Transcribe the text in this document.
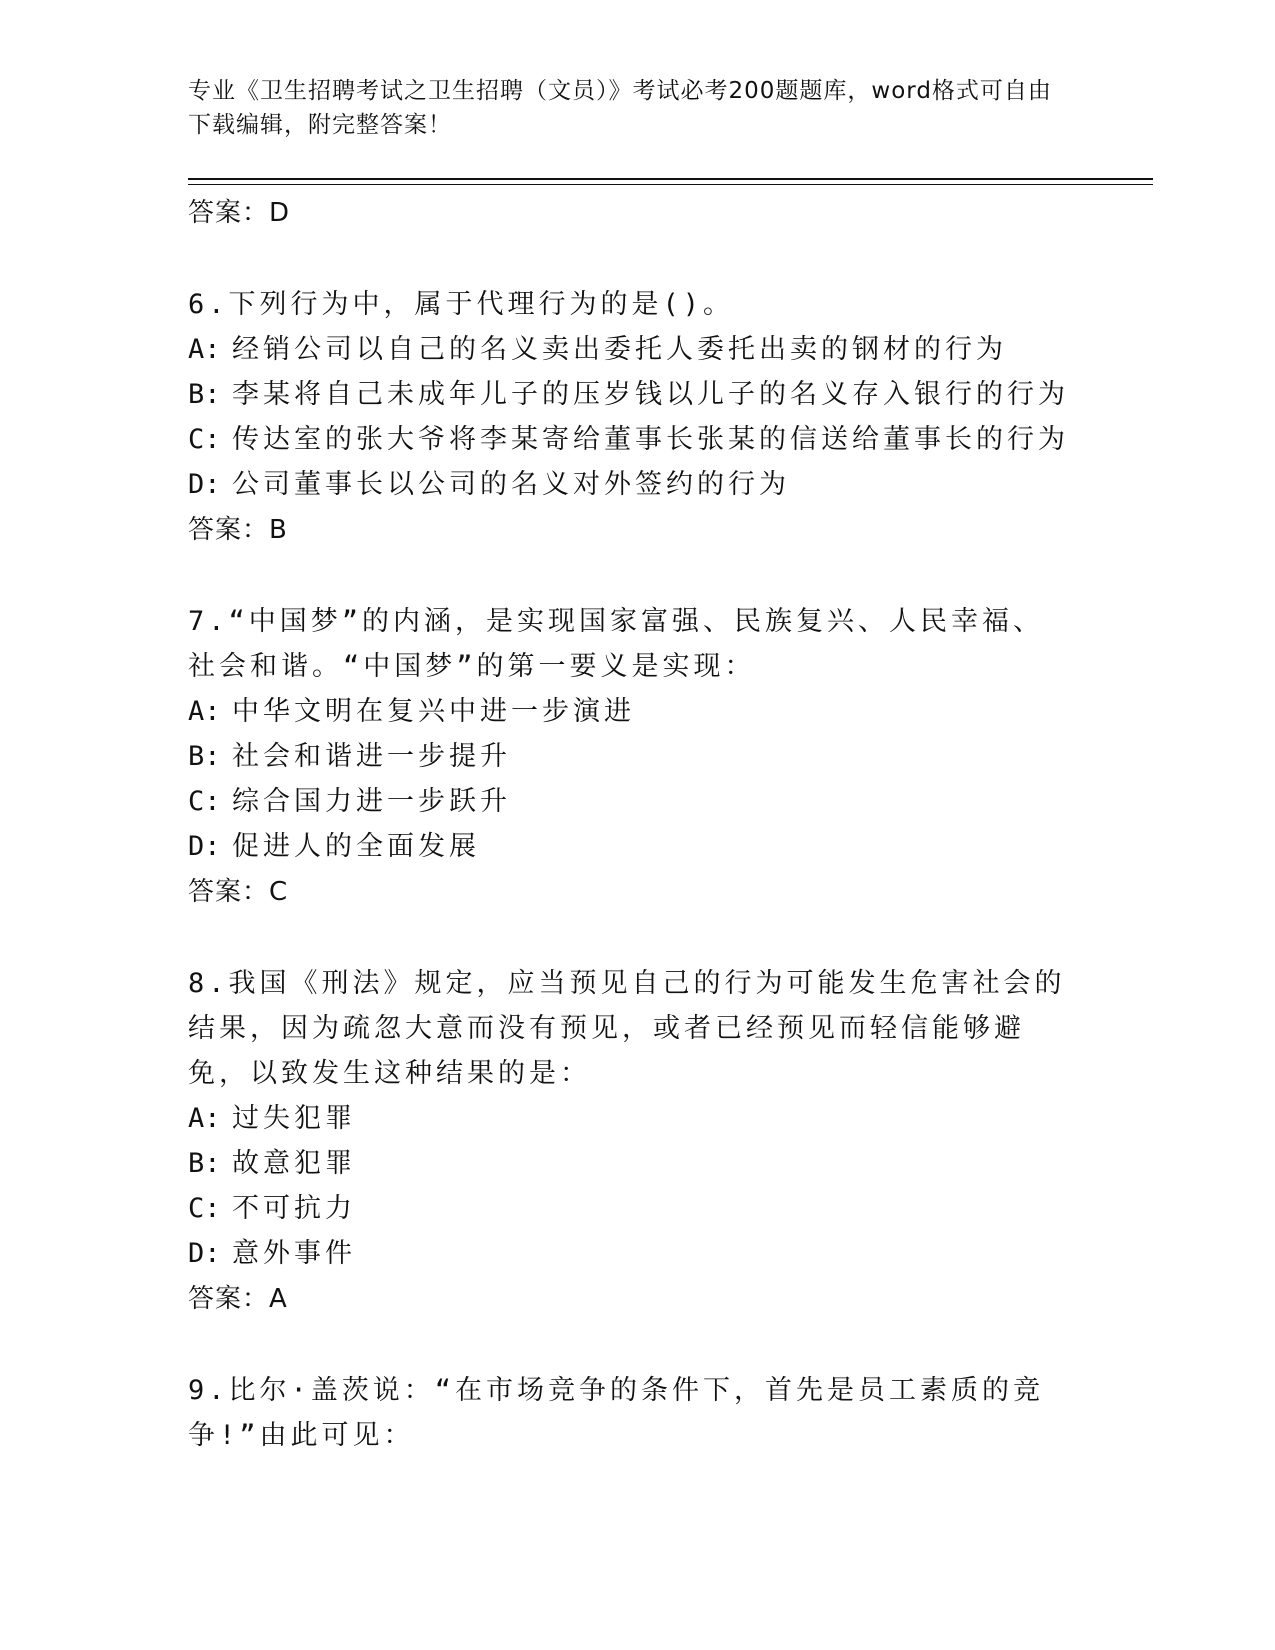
专业《卫生招聘考试之卫生招聘（文员）》考试必考200题题库，word格式可自由下载编辑，附完整答案！
答案：D
6.下列行为中，属于代理行为的是()。
A: 经销公司以自己的名义卖出委托人委托出卖的钢材的行为
B: 李某将自己未成年儿子的压岁钱以儿子的名义存入银行的行为
C: 传达室的张大爷将李某寄给董事长张某的信送给董事长的行为
D: 公司董事长以公司的名义对外签约的行为
答案：B
7.“中国梦”的内涵，是实现国家富强、民族复兴、人民幸福、社会和谐。“中国梦”的第一要义是实现：
A: 中华文明在复兴中进一步演进
B: 社会和谐进一步提升
C: 综合国力进一步跃升
D: 促进人的全面发展
答案：C
8.我国《刑法》规定，应当预见自己的行为可能发生危害社会的结果，因为疏忽大意而没有预见，或者已经预见而轻信能够避免，以致发生这种结果的是：
A: 过失犯罪
B: 故意犯罪
C: 不可抗力
D: 意外事件
答案：A
9.比尔·盖茨说：“在市场竞争的条件下，首先是员工素质的竞争!”由此可见：
